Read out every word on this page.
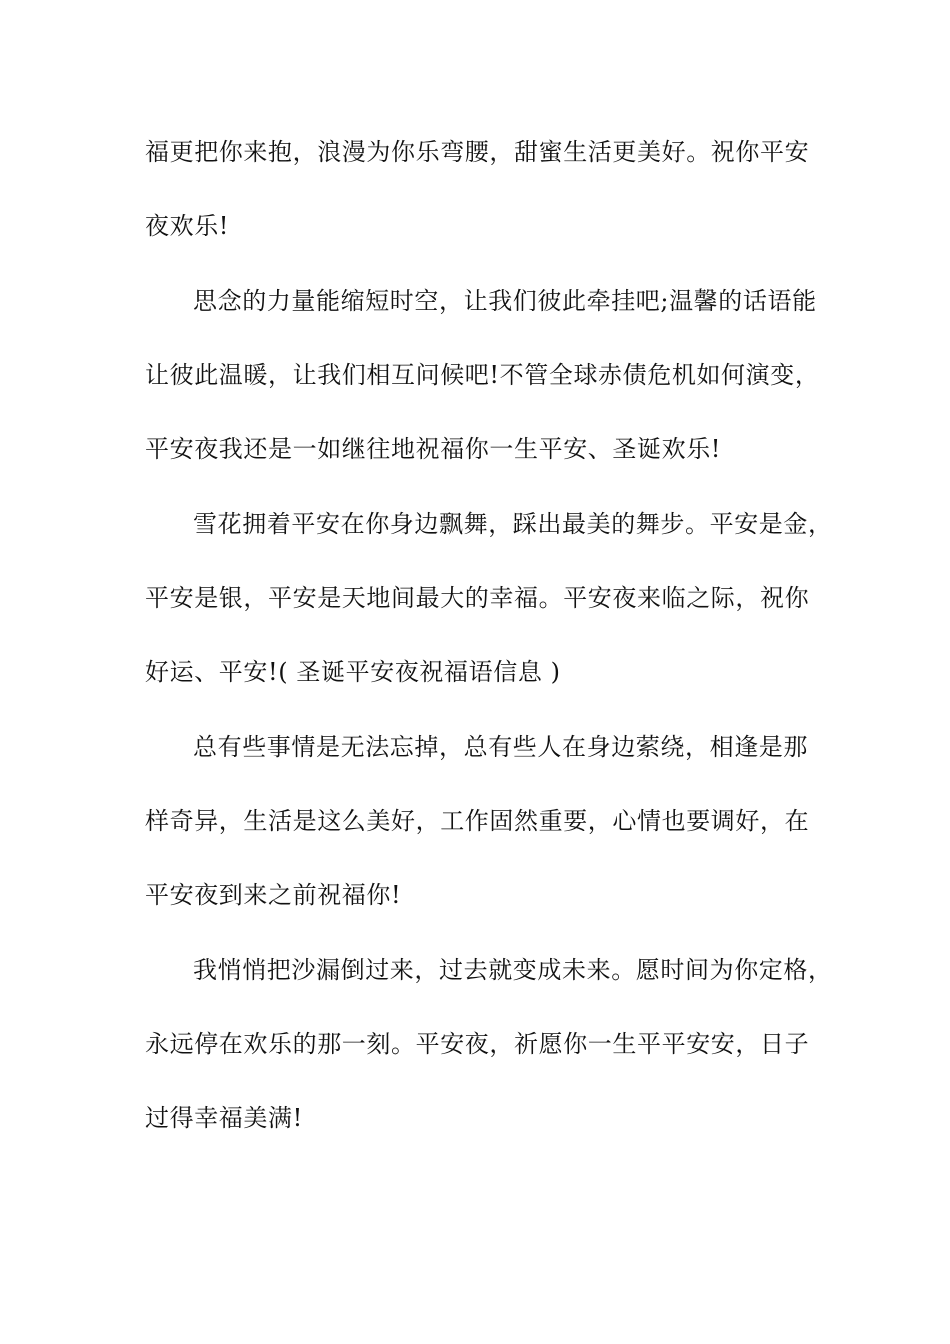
福更把你来抱，浪漫为你乐弯腰，甜蜜生活更美好。祝你平安

夜欢乐!

思念的力量能缩短时空，让我们彼此牵挂吧;温馨的话语能

让彼此温暖，让我们相互问候吧!不管全球赤债危机如何演变，

平安夜我还是一如继往地祝福你一生平安、圣诞欢乐!

雪花拥着平安在你身边飘舞，踩出最美的舞步。平安是金，

平安是银，平安是天地间最大的幸福。平安夜来临之际，祝你

好运、平安!( 圣诞平安夜祝福语信息 )

总有些事情是无法忘掉，总有些人在身边萦绕，相逢是那

样奇异，生活是这么美好，工作固然重要，心情也要调好，在

平安夜到来之前祝福你!

我悄悄把沙漏倒过来，过去就变成未来。愿时间为你定格，

永远停在欢乐的那一刻。平安夜，祈愿你一生平平安安，日子

过得幸福美满!
